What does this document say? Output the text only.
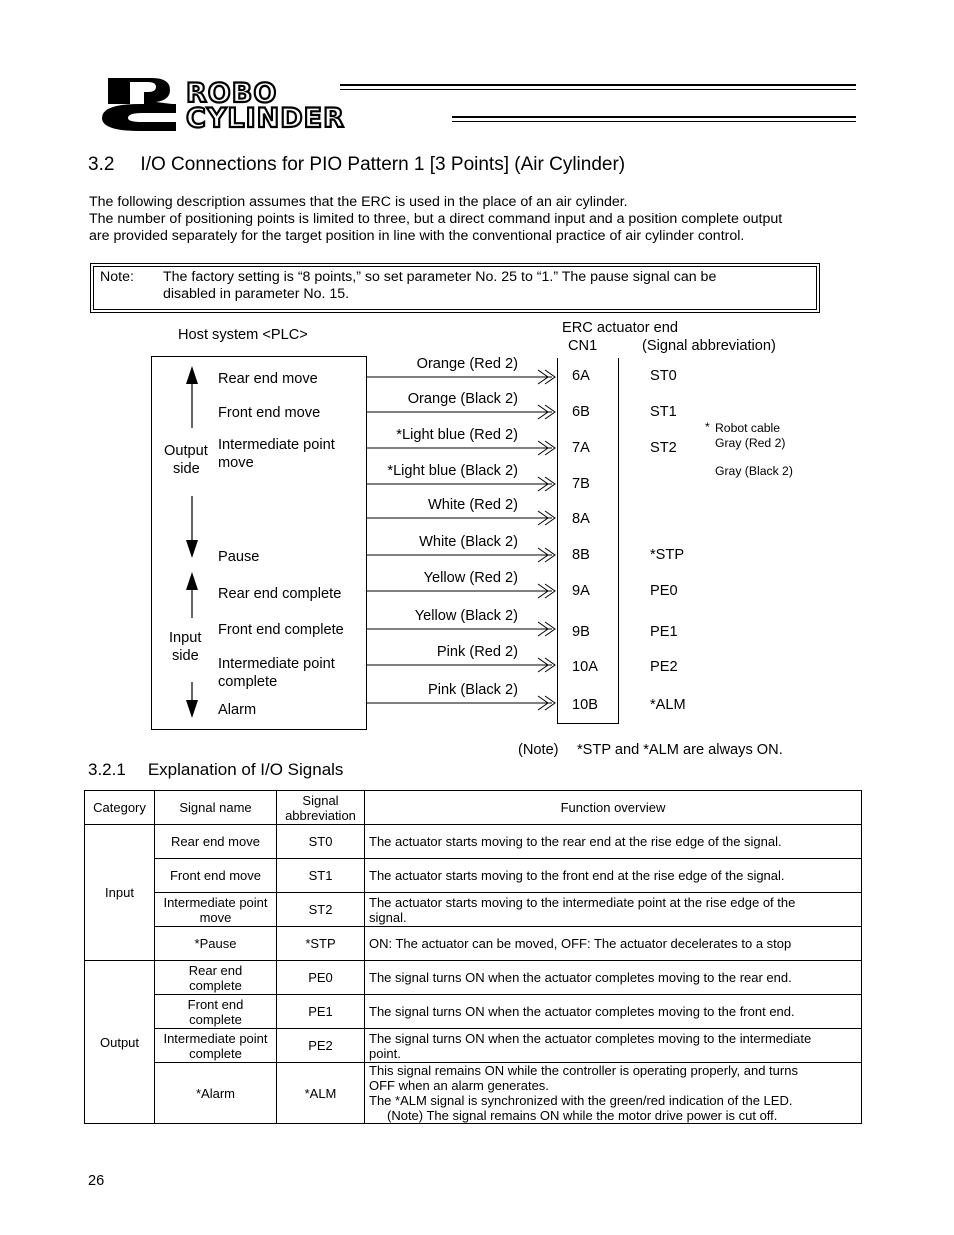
ROBO
CYLINDER
3.2 I/O Connections for PIO Pattern 1 [3 Points] (Air Cylinder)
The following description assumes that the ERC is used in the place of an air cylinder.
The number of positioning points is limited to three, but a direct command input and a position complete output
are provided separately for the target position in line with the conventional practice of air cylinder control.
Note: The factory setting is “8 points,” so set parameter No. 25 to “1.” The pause signal can be
disabled in parameter No. 15.
Host system <PLC>	ERC actuator end
CN1	(Signal abbreviation)
Output
side
Input
side
Rear end move
Front end move
Intermediate point
move
Pause
Rear end complete
Front end complete
Intermediate point
complete
Alarm
Orange (Red 2)
6A	ST0
Orange (Black 2)
6B	ST1
*Light blue (Red 2)
7A	ST2
*Light blue (Black 2)
7B
White (Red 2)
8A
White (Black 2)
8B	*STP
Yellow (Red 2)
9A	PE0
Yellow (Black 2)
9B	PE1
Pink (Red 2)
10A	PE2
Pink (Black 2)
10B	*ALM
* Robot cable
Gray (Red 2)
Gray (Black 2)
(Note) *STP and *ALM are always ON.
3.2.1 Explanation of I/O Signals
Category	Signal name	Signal
abbreviation	Function overview
Input	Rear end move	ST0	The actuator starts moving to the rear end at the rise edge of the signal.
	Front end move	ST1	The actuator starts moving to the front end at the rise edge of the signal.
	Intermediate point
move	ST2	The actuator starts moving to the intermediate point at the rise edge of the
signal.
	*Pause	*STP	ON: The actuator can be moved, OFF: The actuator decelerates to a stop
Output	Rear end
complete	PE0	The signal turns ON when the actuator completes moving to the rear end.
	Front end
complete	PE1	The signal turns ON when the actuator completes moving to the front end.
	Intermediate point
complete	PE2	The signal turns ON when the actuator completes moving to the intermediate
point.
	*Alarm	*ALM	This signal remains ON while the controller is operating properly, and turns
OFF when an alarm generates.
The *ALM signal is synchronized with the green/red indication of the LED.
(Note) The signal remains ON while the motor drive power is cut off.
26
